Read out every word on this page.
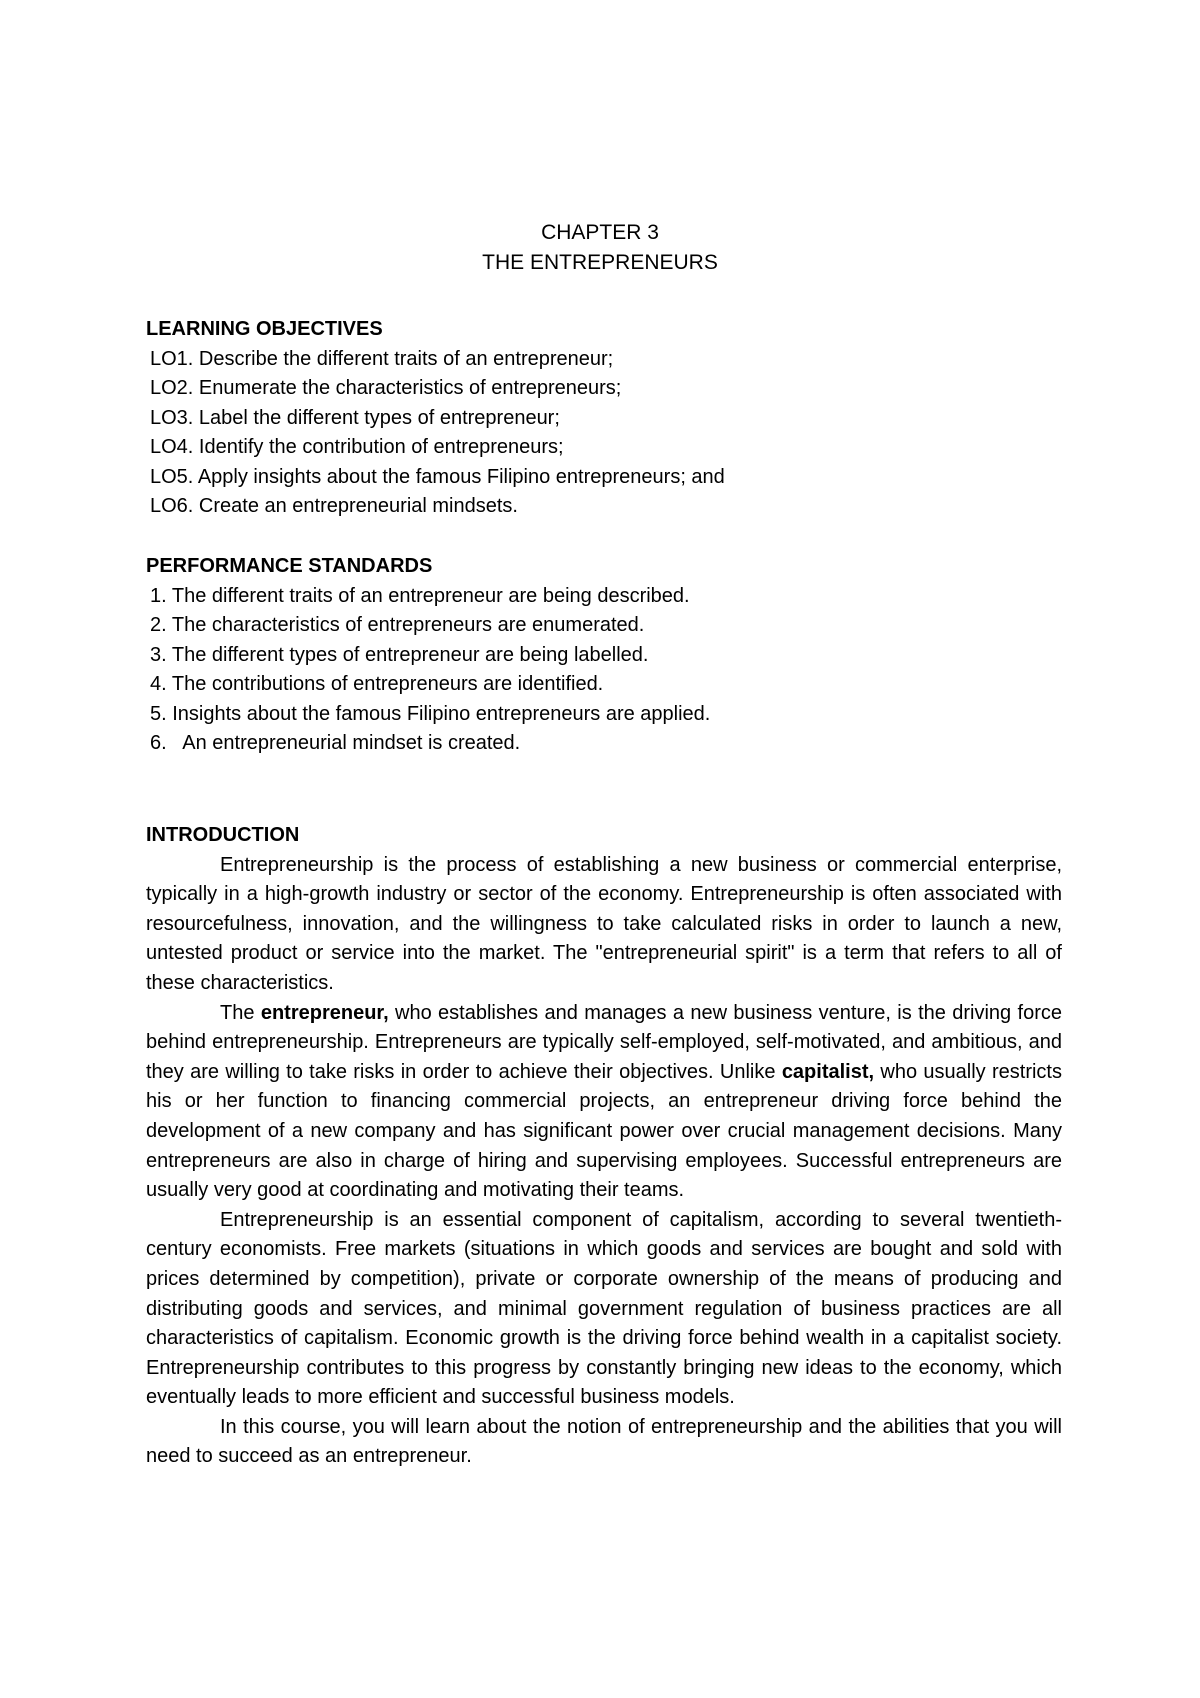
CHAPTER 3
THE ENTREPRENEURS
LEARNING OBJECTIVES
LO1. Describe the different traits of an entrepreneur;
LO2. Enumerate the characteristics of entrepreneurs;
LO3. Label the different types of entrepreneur;
LO4. Identify the contribution of entrepreneurs;
LO5. Apply insights about the famous Filipino entrepreneurs; and
LO6. Create an entrepreneurial mindsets.
PERFORMANCE STANDARDS
1. The different traits of an entrepreneur are being described.
2. The characteristics of entrepreneurs are enumerated.
3. The different types of entrepreneur are being labelled.
4. The contributions of entrepreneurs are identified.
5. Insights about the famous Filipino entrepreneurs are applied.
6.   An entrepreneurial mindset is created.
INTRODUCTION

Entrepreneurship is the process of establishing a new business or commercial enterprise, typically in a high-growth industry or sector of the economy. Entrepreneurship is often associated with resourcefulness, innovation, and the willingness to take calculated risks in order to launch a new, untested product or service into the market. The "entrepreneurial spirit" is a term that refers to all of these characteristics.

The entrepreneur, who establishes and manages a new business venture, is the driving force behind entrepreneurship. Entrepreneurs are typically self-employed, self-motivated, and ambitious, and they are willing to take risks in order to achieve their objectives. Unlike capitalist, who usually restricts his or her function to financing commercial projects, an entrepreneur driving force behind the development of a new company and has significant power over crucial management decisions. Many entrepreneurs are also in charge of hiring and supervising employees. Successful entrepreneurs are usually very good at coordinating and motivating their teams.

Entrepreneurship is an essential component of capitalism, according to several twentieth-century economists. Free markets (situations in which goods and services are bought and sold with prices determined by competition), private or corporate ownership of the means of producing and distributing goods and services, and minimal government regulation of business practices are all characteristics of capitalism. Economic growth is the driving force behind wealth in a capitalist society. Entrepreneurship contributes to this progress by constantly bringing new ideas to the economy, which eventually leads to more efficient and successful business models.

In this course, you will learn about the notion of entrepreneurship and the abilities that you will need to succeed as an entrepreneur.
